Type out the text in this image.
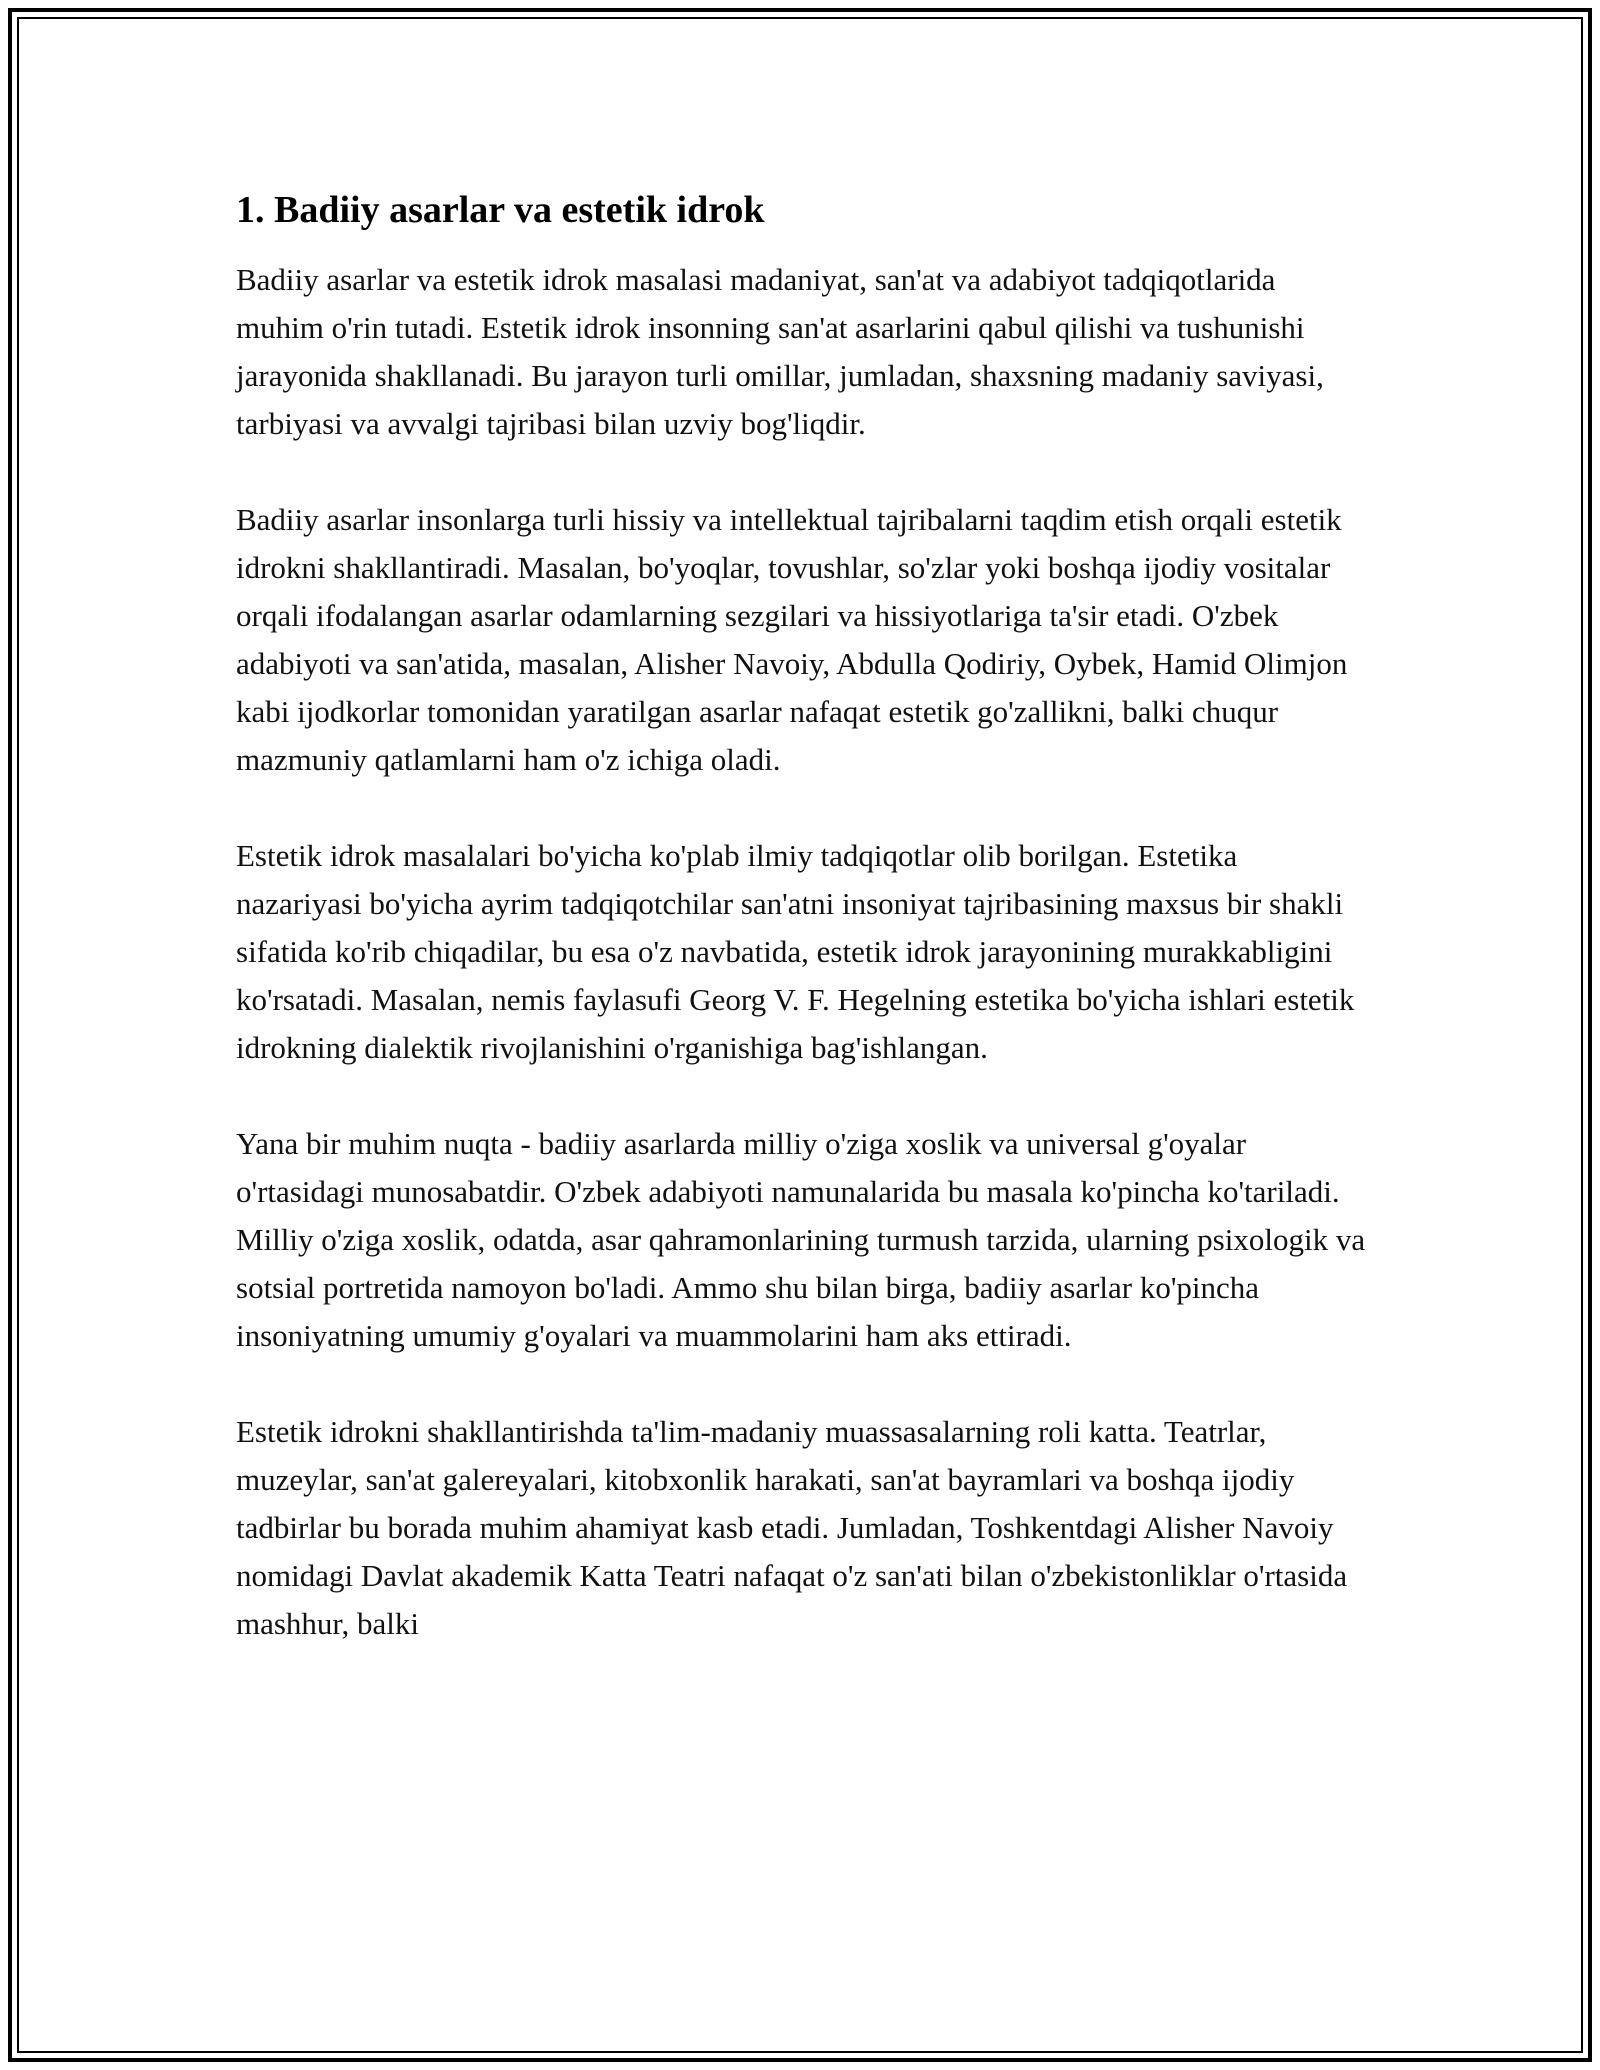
1. Badiiy asarlar va estetik idrok

Badiiy asarlar va estetik idrok masalasi madaniyat, san'at va adabiyot tadqiqotlarida muhim o'rin tutadi. Estetik idrok insonning san'at asarlarini qabul qilishi va tushunishi jarayonida shakllanadi. Bu jarayon turli omillar, jumladan, shaxsning madaniy saviyasi, tarbiyasi va avvalgi tajribasi bilan uzviy bog'liqdir.

Badiiy asarlar insonlarga turli hissiy va intellektual tajribalarni taqdim etish orqali estetik idrokni shakllantiradi. Masalan, bo'yoqlar, tovushlar, so'zlar yoki boshqa ijodiy vositalar orqali ifodalangan asarlar odamlarning sezgilari va hissiyotlariga ta'sir etadi. O'zbek adabiyoti va san'atida, masalan, Alisher Navoiy, Abdulla Qodiriy, Oybek, Hamid Olimjon kabi ijodkorlar tomonidan yaratilgan asarlar nafaqat estetik go'zallikni, balki chuqur mazmuniy qatlamlarni ham o'z ichiga oladi.

Estetik idrok masalalari bo'yicha ko'plab ilmiy tadqiqotlar olib borilgan. Estetika nazariyasi bo'yicha ayrim tadqiqotchilar san'atni insoniyat tajribasining maxsus bir shakli sifatida ko'rib chiqadilar, bu esa o'z navbatida, estetik idrok jarayonining murakkabligini ko'rsatadi. Masalan, nemis faylasufi Georg V. F. Hegelning estetika bo'yicha ishlari estetik idrokning dialektik rivojlanishini o'rganishiga bag'ishlangan.

Yana bir muhim nuqta - badiiy asarlarda milliy o'ziga xoslik va universal g'oyalar o'rtasidagi munosabatdir. O'zbek adabiyoti namunalarida bu masala ko'pincha ko'tariladi. Milliy o'ziga xoslik, odatda, asar qahramonlarining turmush tarzida, ularning psixologik va sotsial portretida namoyon bo'ladi. Ammo shu bilan birga, badiiy asarlar ko'pincha insoniyatning umumiy g'oyalari va muammolarini ham aks ettiradi.

Estetik idrokni shakllantirishda ta'lim-madaniy muassasalarning roli katta. Teatrlar, muzeylar, san'at galereyalari, kitobxonlik harakati, san'at bayramlari va boshqa ijodiy tadbirlar bu borada muhim ahamiyat kasb etadi. Jumladan, Toshkentdagi Alisher Navoiy nomidagi Davlat akademik Katta Teatri nafaqat o'z san'ati bilan o'zbekistonliklar o'rtasida mashhur, balki
